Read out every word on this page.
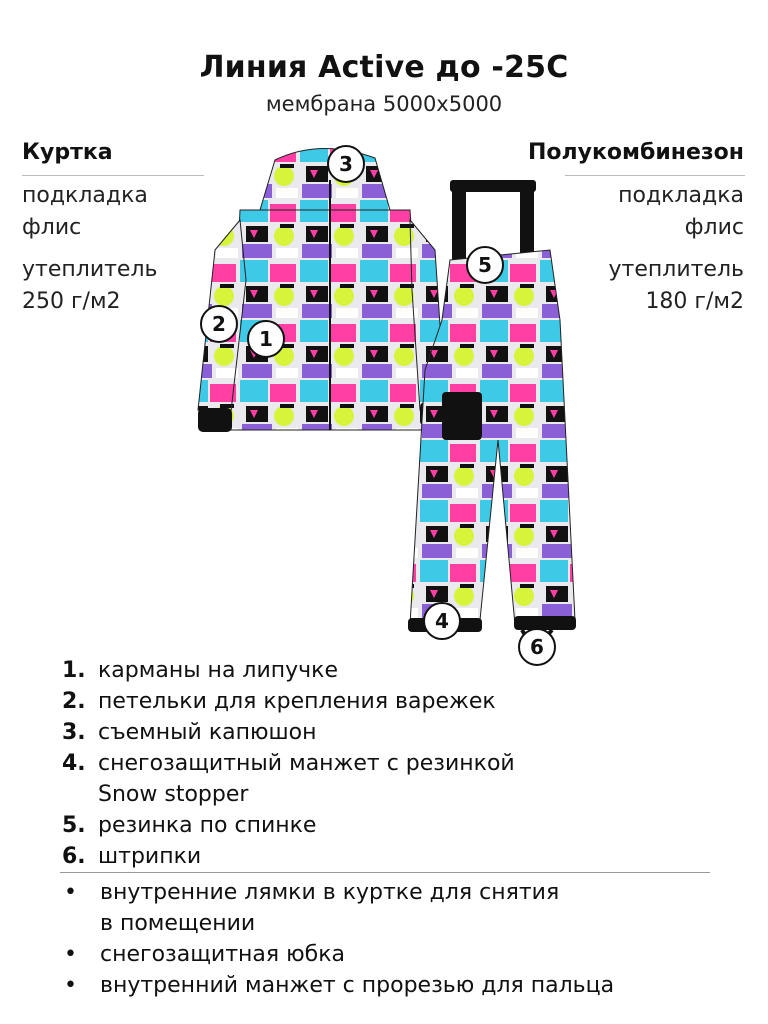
Линия Active до -25С
мембрана 5000х5000
Куртка
подкладка
флис
утеплитель
250 г/м2
Полукомбинезон
подкладка
флис
утеплитель
180 г/м2
3
2
1
5
4
6
1. карманы на липучке
2. петельки для крепления варежек
3. съемный капюшон
4. снегозащитный манжет с резинкой
Snow stopper
5. резинка по спинке
6. штрипки
•	внутренние лямки в куртке для снятия
в помещении
•	снегозащитная юбка
•	внутренний манжет с прорезью для пальца
